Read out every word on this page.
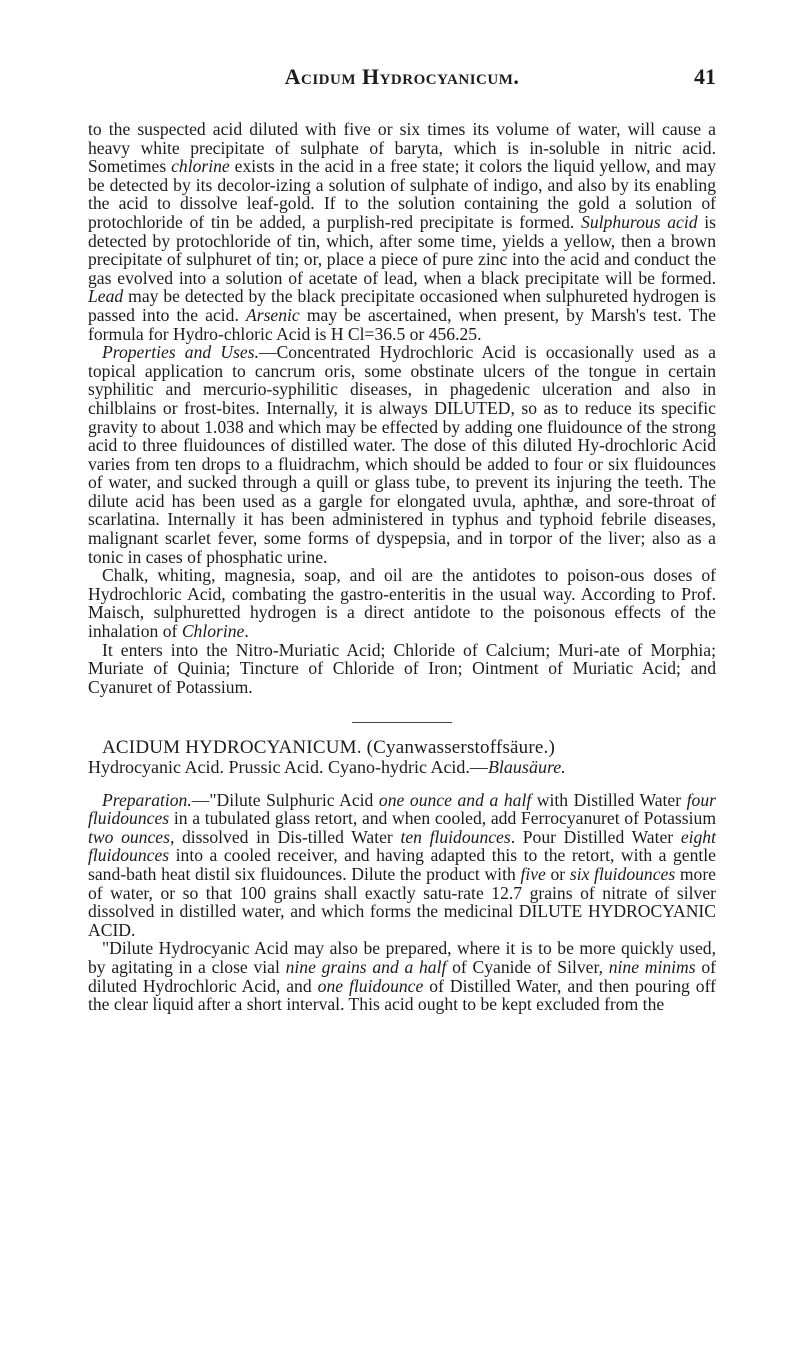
Acidum Hydrocyanicum.	41

to the suspected acid diluted with five or six times its volume of water, will cause a heavy white precipitate of sulphate of baryta, which is in-soluble in nitric acid. Sometimes chlorine exists in the acid in a free state; it colors the liquid yellow, and may be detected by its decolor-izing a solution of sulphate of indigo, and also by its enabling the acid to dissolve leaf-gold. If to the solution containing the gold a solution of protochloride of tin be added, a purplish-red precipitate is formed. Sulphurous acid is detected by protochloride of tin, which, after some time, yields a yellow, then a brown precipitate of sulphuret of tin; or, place a piece of pure zinc into the acid and conduct the gas evolved into a solution of acetate of lead, when a black precipitate will be formed. Lead may be detected by the black precipitate occasioned when sulphureted hydrogen is passed into the acid. Arsenic may be ascertained, when present, by Marsh's test. The formula for Hydro-chloric Acid is H Cl=36.5 or 456.25.

Properties and Uses.—Concentrated Hydrochloric Acid is occasionally used as a topical application to cancrum oris, some obstinate ulcers of the tongue in certain syphilitic and mercurio-syphilitic diseases, in phagedenic ulceration and also in chilblains or frost-bites. Internally, it is always DILUTED, so as to reduce its specific gravity to about 1.038 and which may be effected by adding one fluidounce of the strong acid to three fluidounces of distilled water. The dose of this diluted Hy-drochloric Acid varies from ten drops to a fluidrachm, which should be added to four or six fluidounces of water, and sucked through a quill or glass tube, to prevent its injuring the teeth. The dilute acid has been used as a gargle for elongated uvula, aphthæ, and sore-throat of scarlatina. Internally it has been administered in typhus and typhoid febrile diseases, malignant scarlet fever, some forms of dyspepsia, and in torpor of the liver; also as a tonic in cases of phosphatic urine.

Chalk, whiting, magnesia, soap, and oil are the antidotes to poison-ous doses of Hydrochloric Acid, combating the gastro-enteritis in the usual way. According to Prof. Maisch, sulphuretted hydrogen is a direct antidote to the poisonous effects of the inhalation of Chlorine.

It enters into the Nitro-Muriatic Acid; Chloride of Calcium; Muri-ate of Morphia; Muriate of Quinia; Tincture of Chloride of Iron; Ointment of Muriatic Acid; and Cyanuret of Potassium.

ACIDUM HYDROCYANICUM. (Cyanwasserstoffsäure.)

Hydrocyanic Acid. Prussic Acid. Cyano-hydric Acid.—Blausäure.

Preparation.—"Dilute Sulphuric Acid one ounce and a half with Distilled Water four fluidounces in a tubulated glass retort, and when cooled, add Ferrocyanuret of Potassium two ounces, dissolved in Dis-tilled Water ten fluidounces. Pour Distilled Water eight fluidounces into a cooled receiver, and having adapted this to the retort, with a gentle sand-bath heat distil six fluidounces. Dilute the product with five or six fluidounces more of water, or so that 100 grains shall exactly satu-rate 12.7 grains of nitrate of silver dissolved in distilled water, and which forms the medicinal DILUTE HYDROCYANIC ACID.

"Dilute Hydrocyanic Acid may also be prepared, where it is to be more quickly used, by agitating in a close vial nine grains and a half of Cyanide of Silver, nine minims of diluted Hydrochloric Acid, and one fluidounce of Distilled Water, and then pouring off the clear liquid after a short interval. This acid ought to be kept excluded from the
